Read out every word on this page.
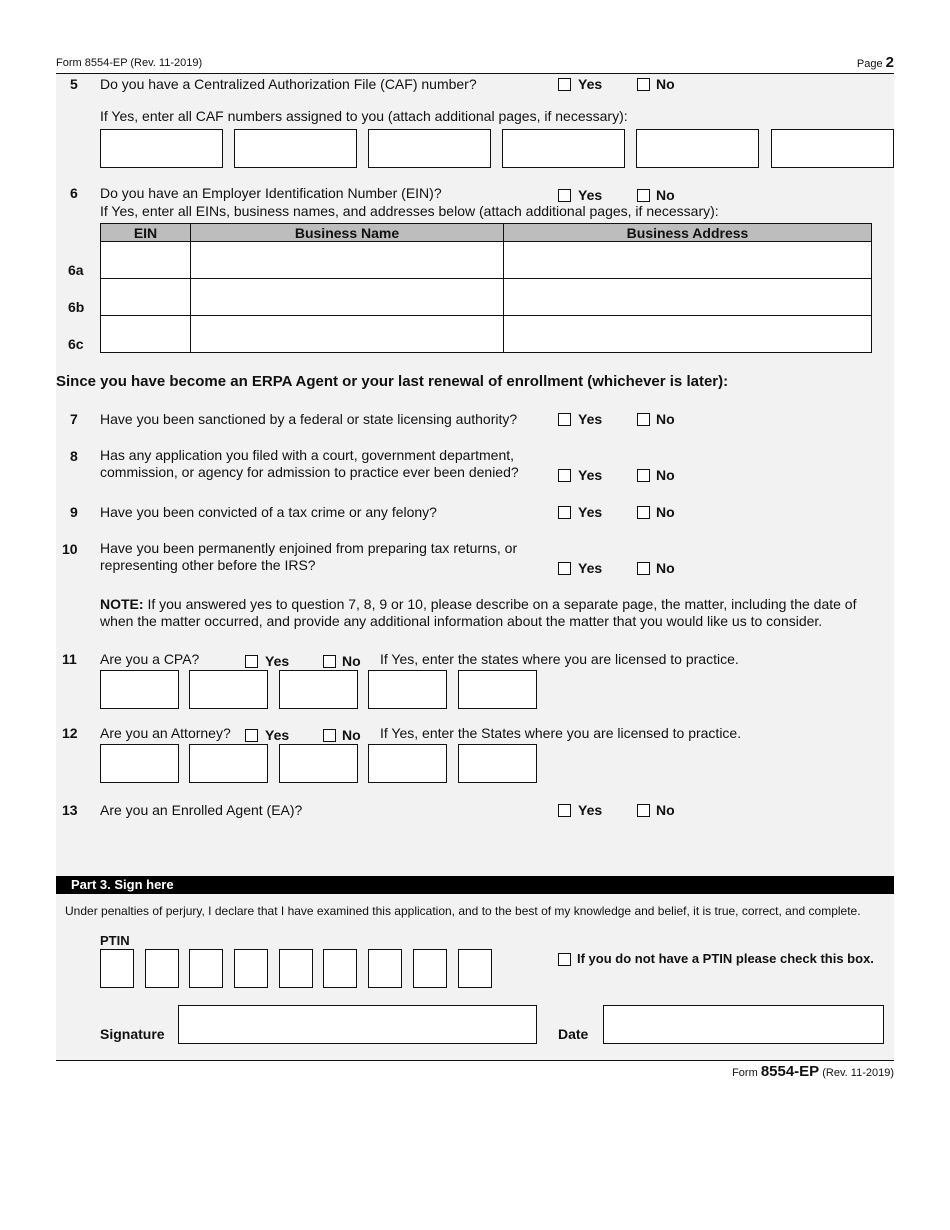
Form 8554-EP (Rev. 11-2019)	Page 2
5 Do you have a Centralized Authorization File (CAF) number?	Yes	No
If Yes, enter all CAF numbers assigned to you (attach additional pages, if necessary):
6 Do you have an Employer Identification Number (EIN)?	Yes	No
If Yes, enter all EINs, business names, and addresses below (attach additional pages, if necessary):
EIN	Business Name	Business Address

6a
6b
6c
Since you have become an ERPA Agent or your last renewal of enrollment (whichever is later):
7 Have you been sanctioned by a federal or state licensing authority?	Yes	No
8 Has any application you filed with a court, government department,
commission, or agency for admission to practice ever been denied?	Yes	No
9 Have you been convicted of a tax crime or any felony?	Yes	No
10 Have you been permanently enjoined from preparing tax returns, or
representing other before the IRS?	Yes	No
NOTE: If you answered yes to question 7, 8, 9 or 10, please describe on a separate page, the matter, including the date of
when the matter occurred, and provide any additional information about the matter that you would like us to consider.
11 Are you a CPA?	Yes	No If Yes, enter the states where you are licensed to practice.
12 Are you an Attorney? Yes	No If Yes, enter the States where you are licensed to practice.
13 Are you an Enrolled Agent (EA)?	Yes	No
Part 3. Sign here
Under penalties of perjury, I declare that I have examined this application, and to the best of my knowledge and belief, it is true, correct, and complete.
PTIN
If you do not have a PTIN please check this box.
Signature	Date
Form 8554-EP (Rev. 11-2019)
